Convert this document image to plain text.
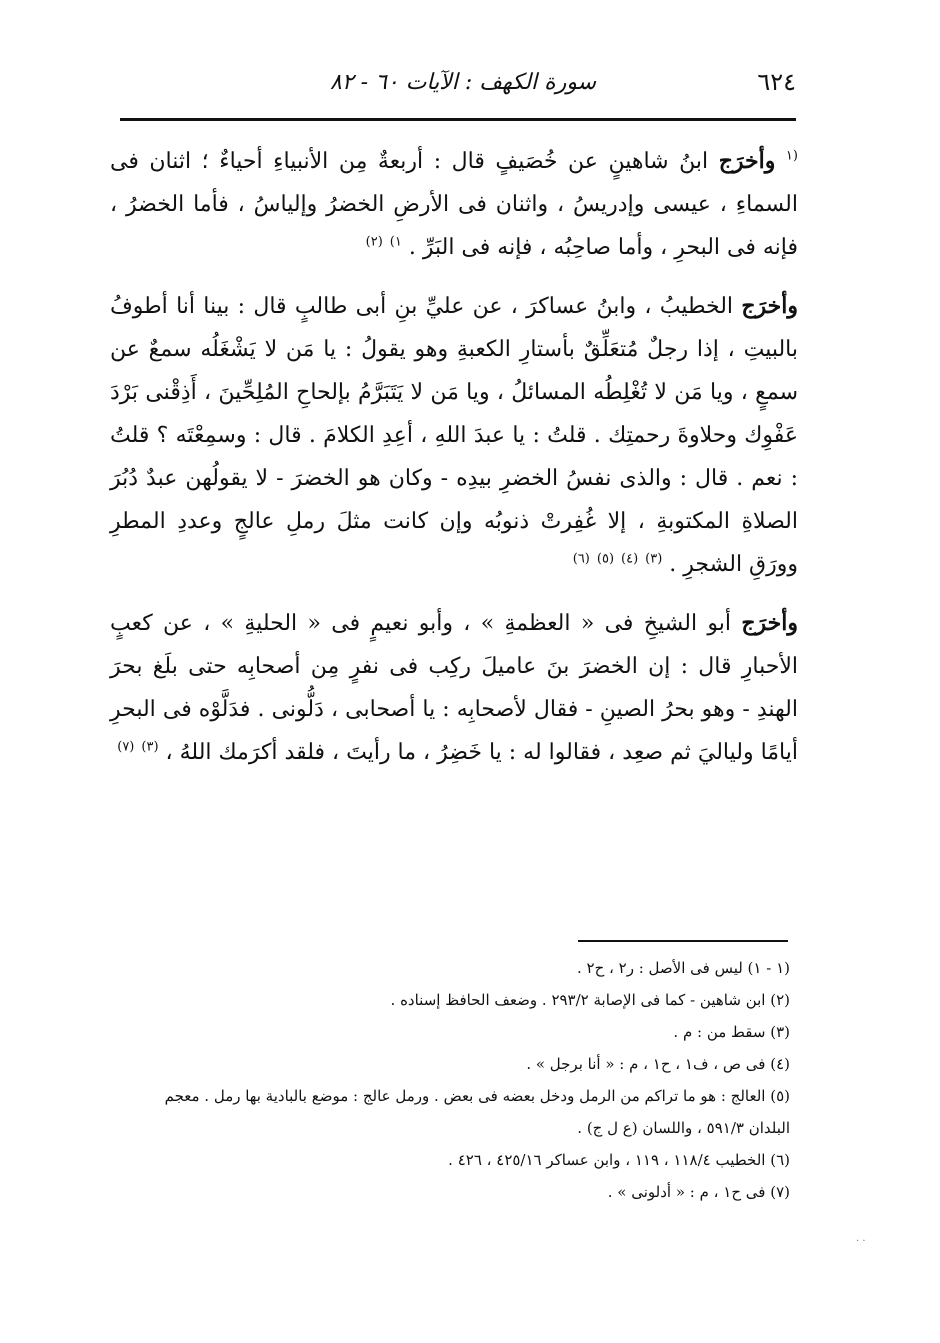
٦٢٤
سورة الكهف : الآيات ٦٠ - ٨٢

$^{(١}$ وأخرَج ابنُ شاهينٍ عن خُصَيفٍ قال : أربعةٌ مِن الأنبياءِ أحياءٌ ؛ اثنان فى السماءِ ، عيسى وإدريسُ ، واثنان فى الأرضِ الخضرُ وإلياسُ ، فأما الخضرُ ، فإنه فى البحرِ ، وأما صاحِبُه ، فإنه فى البَرِّ . $^{١)}$ $^{(٢)}$

وأخرَج الخطيبُ ، وابنُ عساكرَ ، عن عليِّ بنِ أبى طالبٍ قال : بينا أنا أطوفُ بالبيتِ ، إذا رجلٌ مُتعَلِّقٌ بأستارِ الكعبةِ وهو يقولُ : يا مَن لا يَشْغَلُه سمعٌ عن سمعٍ ، ويا مَن لا تُغْلِطُه المسائلُ ، ويا مَن لا يَتَبَرَّمُ بإلحاحِ المُلِحِّينَ ، أَذِقْنى بَرْدَ عَفْوِك وحلاوةَ رحمتِك . قلتُ : يا عبدَ اللهِ ، أعِدِ الكلامَ . قال : وسمِعْتَه ؟ قلتُ : نعم . قال : والذى نفسُ الخضرِ بيدِه - وكان هو الخضرَ - لا يقولُهن عبدٌ دُبُرَ الصلاةِ المكتوبةِ ، إلا غُفِرتْ ذنوبُه وإن كانت مثلَ رملِ عالجٍ وعددِ المطرِ وورَقِ الشجرِ . $^{(٣)}$ $^{(٤)}$ $^{(٥)}$ $^{(٦)}$

وأخرَج أبو الشيخِ فى « العظمةِ » ، وأبو نعيمٍ فى « الحليةِ » ، عن كعبٍ الأحبارِ قال : إن الخضرَ بنَ عاميلَ ركِب فى نفرٍ مِن أصحابِه حتى بلَغ بحرَ الهندِ - وهو بحرُ الصينِ - فقال لأصحابِه : يا أصحابى ، دَلُّونى . فدَلَّوْه فى البحرِ أيامًا ولياليَ ثم صعِد ، فقالوا له : يا خَضِرُ ، ما رأيتَ ، فلقد أكرَمك اللهُ ، $^{(٣)}$ $^{(٧)}$

(١ - ١) ليس فى الأصل : ر٢ ، ح٢ .

(٢) ابن شاهين - كما فى الإصابة ٢٩٣/٢ . وضعف الحافظ إسناده .

(٣) سقط من : م .

(٤) فى ص ، ف١ ، ح١ ، م : « أنا برجل » .

(٥) العالج : هو ما تراكم من الرمل ودخل بعضه فى بعض . ورمل عالج : موضع بالبادية بها رمل . معجم

البلدان ٥٩١/٣ ، واللسان (ع ل ج) .

(٦) الخطيب ١١٨/٤ ، ١١٩ ، وابن عساكر ٤٢٥/١٦ ، ٤٢٦ .

(٧) فى ح١ ، م : « أدلونى » .

· ·
